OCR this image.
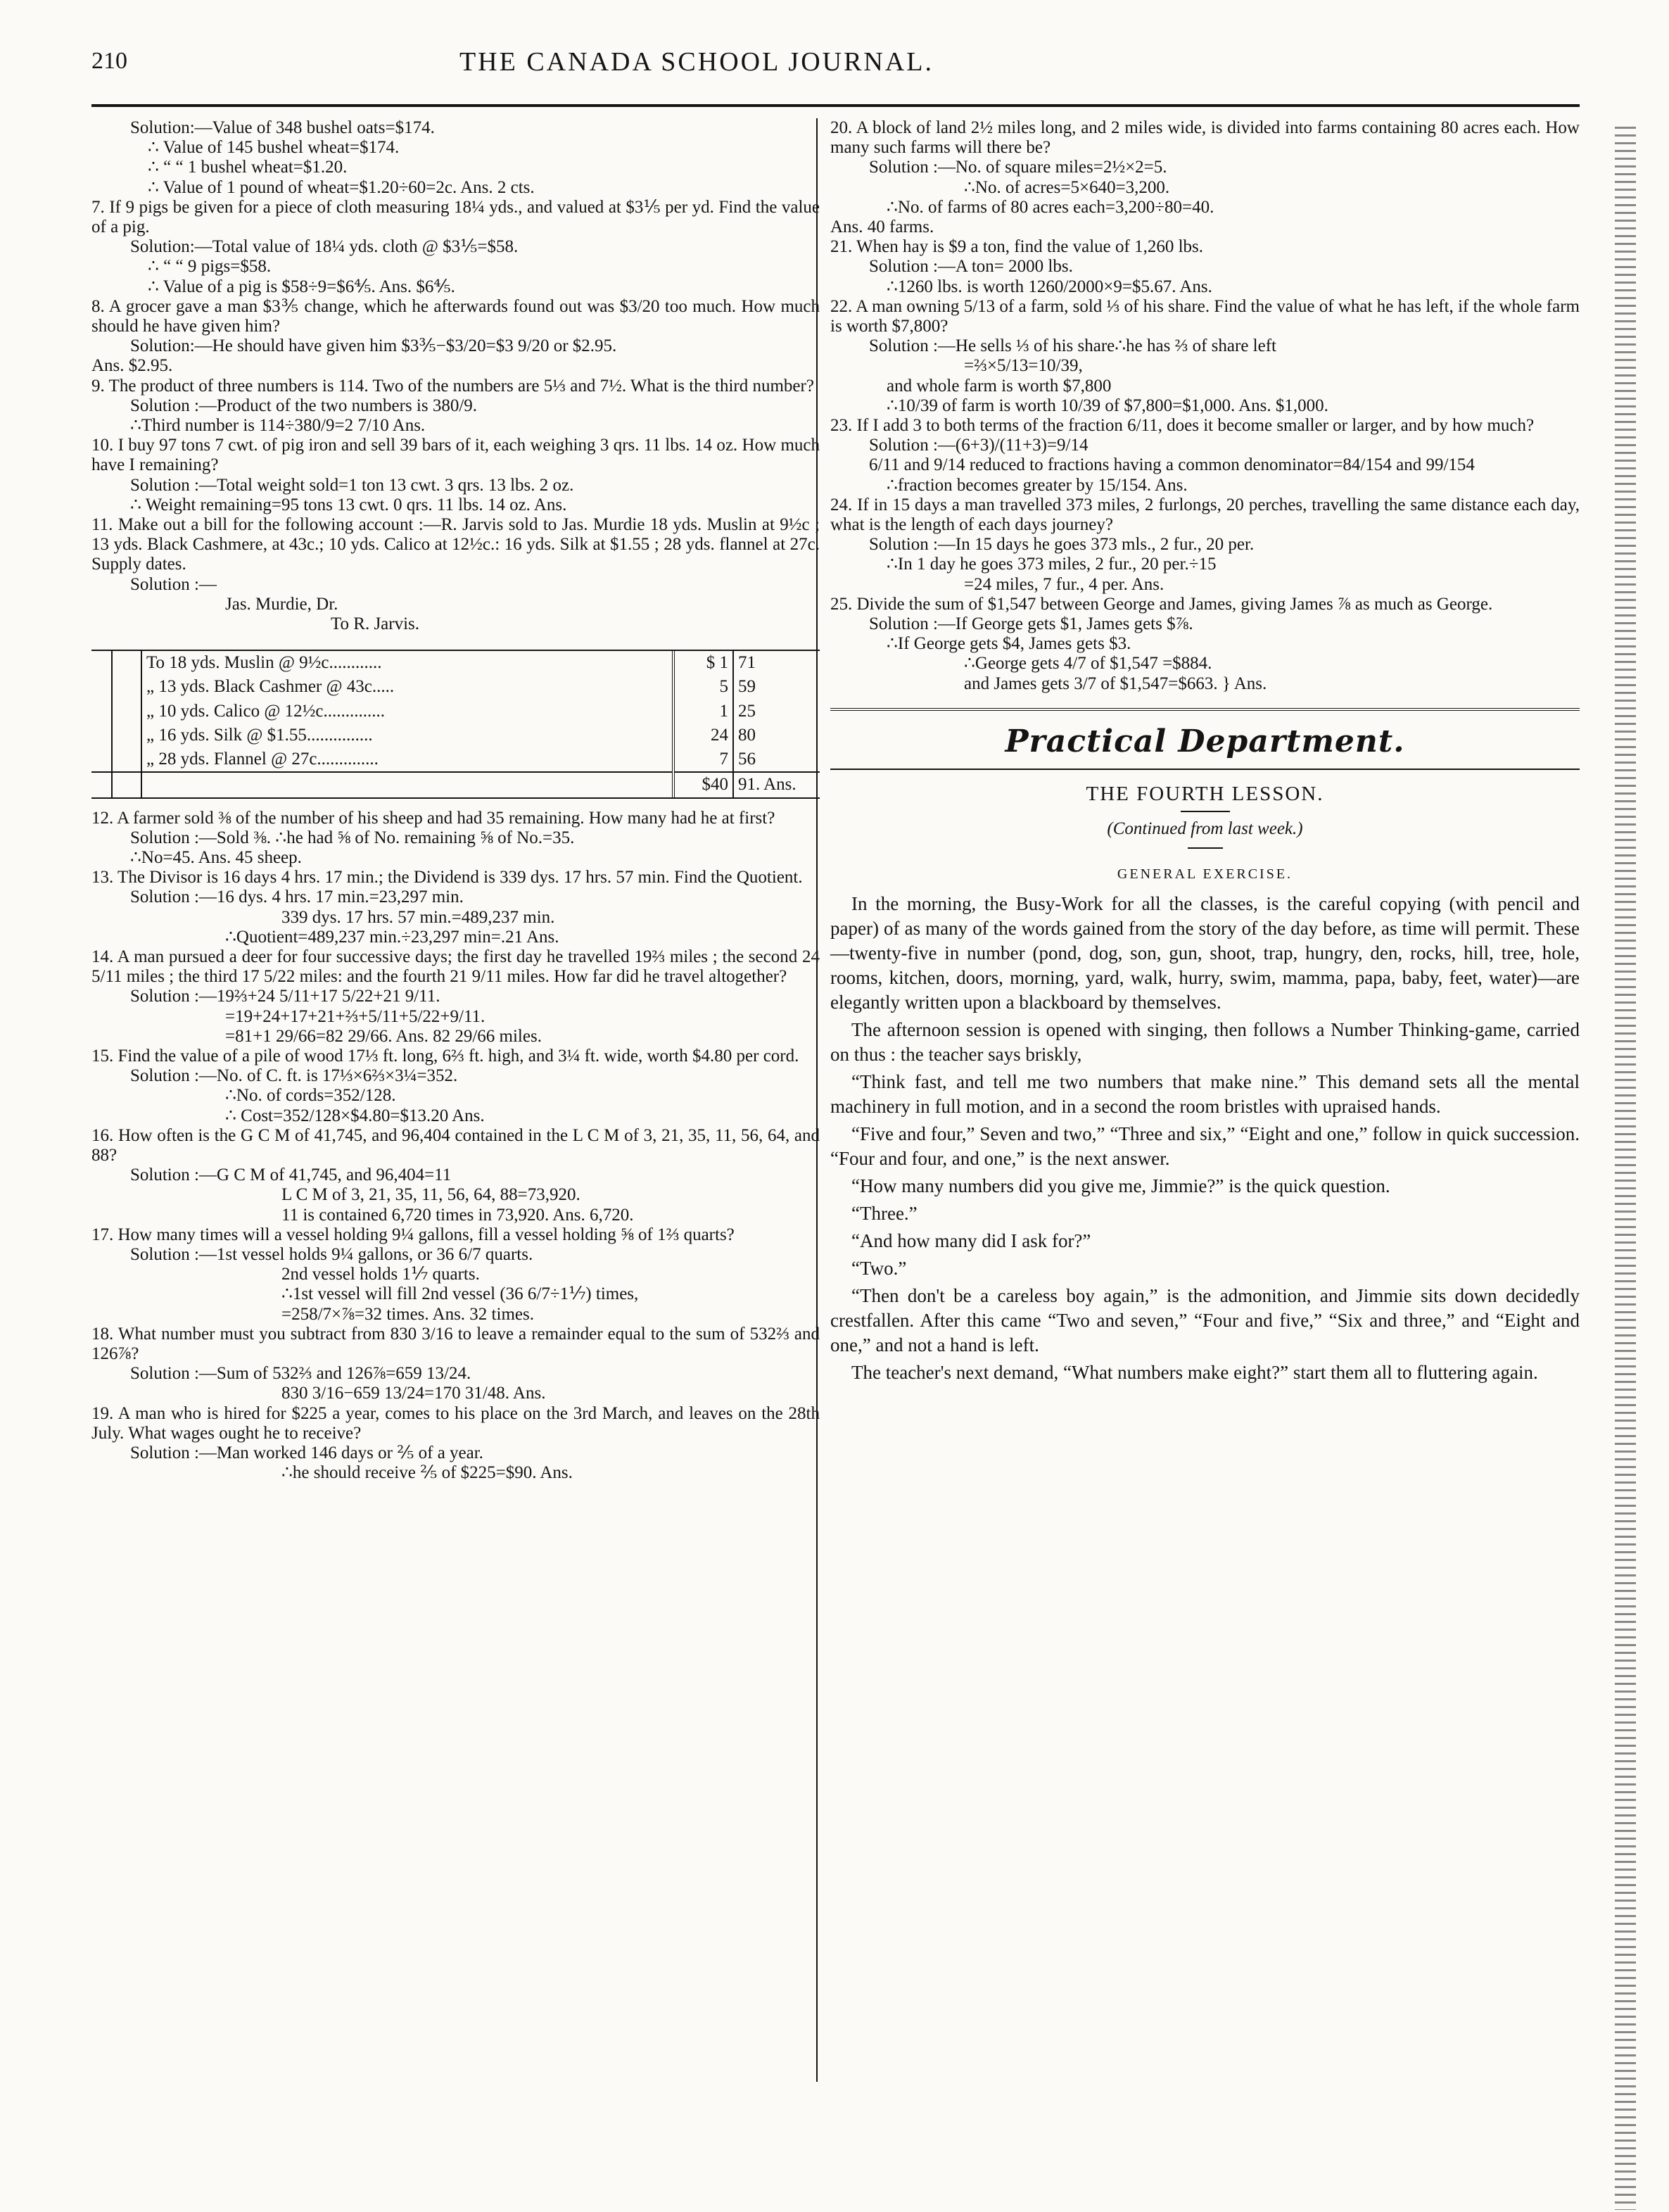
210	THE CANADA SCHOOL JOURNAL.

Solution:—Value of 348 bushel oats=$174.

∴ Value of 145 bushel wheat=$174.

∴ “ “ 1 bushel wheat=$1.20.

∴ Value of 1 pound of wheat=$1.20÷60=2c. Ans. 2 cts.

7. If 9 pigs be given for a piece of cloth measuring 18¼ yds., and valued at $3⅕ per yd. Find the value of a pig.

Solution:—Total value of 18¼ yds. cloth @ $3⅕=$58.

∴ “ “ 9 pigs=$58.

∴ Value of a pig is $58÷9=$6⅘. Ans. $6⅘.

8. A grocer gave a man $3⅗ change, which he afterwards found out was $3/20 too much. How much should he have given him?

Solution:—He should have given him $3⅗−$3/20=$3 9/20 or $2.95.

Ans. $2.95.

9. The product of three numbers is 114. Two of the numbers are 5⅓ and 7½. What is the third number?

Solution :—Product of the two numbers is 380/9.

∴Third number is 114÷380/9=2 7/10 Ans.

10. I buy 97 tons 7 cwt. of pig iron and sell 39 bars of it, each weighing 3 qrs. 11 lbs. 14 oz. How much have I remaining?

Solution :—Total weight sold=1 ton 13 cwt. 3 qrs. 13 lbs. 2 oz.

∴ Weight remaining=95 tons 13 cwt. 0 qrs. 11 lbs. 14 oz. Ans.

11. Make out a bill for the following account :—R. Jarvis sold to Jas. Murdie 18 yds. Muslin at 9½c ; 13 yds. Black Cashmere, at 43c.; 10 yds. Calico at 12½c.: 16 yds. Silk at $1.55 ; 28 yds. flannel at 27c. Supply dates.

Solution :—

Jas. Murdie, Dr.

To R. Jarvis.

		To 18 yds. Muslin @ 9½c............	$ 1	71
		„ 13 yds. Black Cashmer @ 43c.....	5	59
		„ 10 yds. Calico @ 12½c..............	1	25
		„ 16 yds. Silk @ $1.55...............	24	80
		„ 28 yds. Flannel @ 27c..............	7	56
			$40	91. Ans.

12. A farmer sold ⅜ of the number of his sheep and had 35 remaining. How many had he at first?

Solution :—Sold ⅜. ∴he had ⅝ of No. remaining ⅝ of No.=35.

∴No=45. Ans. 45 sheep.

13. The Divisor is 16 days 4 hrs. 17 min.; the Dividend is 339 dys. 17 hrs. 57 min. Find the Quotient.

Solution :—16 dys. 4 hrs. 17 min.=23,297 min.

339 dys. 17 hrs. 57 min.=489,237 min.

∴Quotient=489,237 min.÷23,297 min=.21 Ans.

14. A man pursued a deer for four successive days; the first day he travelled 19⅔ miles ; the second 24 5/11 miles ; the third 17 5/22 miles: and the fourth 21 9/11 miles. How far did he travel altogether?

Solution :—19⅔+24 5/11+17 5/22+21 9/11.

=19+24+17+21+⅔+5/11+5/22+9/11.

=81+1 29/66=82 29/66. Ans. 82 29/66 miles.

15. Find the value of a pile of wood 17⅓ ft. long, 6⅔ ft. high, and 3¼ ft. wide, worth $4.80 per cord.

Solution :—No. of C. ft. is 17⅓×6⅔×3¼=352.

∴No. of cords=352/128.

∴ Cost=352/128×$4.80=$13.20 Ans.

16. How often is the G C M of 41,745, and 96,404 contained in the L C M of 3, 21, 35, 11, 56, 64, and 88?

Solution :—G C M of 41,745, and 96,404=11

L C M of 3, 21, 35, 11, 56, 64, 88=73,920.

11 is contained 6,720 times in 73,920. Ans. 6,720.

17. How many times will a vessel holding 9¼ gallons, fill a vessel holding ⅝ of 1⅔ quarts?

Solution :—1st vessel holds 9¼ gallons, or 36 6/7 quarts.

2nd vessel holds 1⅐ quarts.

∴1st vessel will fill 2nd vessel (36 6/7÷1⅐) times,

=258/7×⅞=32 times. Ans. 32 times.

18. What number must you subtract from 830 3/16 to leave a remainder equal to the sum of 532⅔ and 126⅞?

Solution :—Sum of 532⅔ and 126⅞=659 13/24.

830 3/16−659 13/24=170 31/48. Ans.

19. A man who is hired for $225 a year, comes to his place on the 3rd March, and leaves on the 28th July. What wages ought he to receive?

Solution :—Man worked 146 days or ⅖ of a year.

∴he should receive ⅖ of $225=$90. Ans.

20. A block of land 2½ miles long, and 2 miles wide, is divided into farms containing 80 acres each. How many such farms will there be?

Solution :—No. of square miles=2½×2=5.

∴No. of acres=5×640=3,200.

∴No. of farms of 80 acres each=3,200÷80=40.

Ans. 40 farms.

21. When hay is $9 a ton, find the value of 1,260 lbs.

Solution :—A ton= 2000 lbs.

∴1260 lbs. is worth 1260/2000×9=$5.67. Ans.

22. A man owning 5/13 of a farm, sold ⅓ of his share. Find the value of what he has left, if the whole farm is worth $7,800?

Solution :—He sells ⅓ of his share∴he has ⅔ of share left

=⅔×5/13=10/39,

and whole farm is worth $7,800

∴10/39 of farm is worth 10/39 of $7,800=$1,000. Ans. $1,000.

23. If I add 3 to both terms of the fraction 6/11, does it become smaller or larger, and by how much?

Solution :—(6+3)/(11+3)=9/14

6/11 and 9/14 reduced to fractions having a common denominator=84/154 and 99/154

∴fraction becomes greater by 15/154. Ans.

24. If in 15 days a man travelled 373 miles, 2 furlongs, 20 perches, travelling the same distance each day, what is the length of each days journey?

Solution :—In 15 days he goes 373 mls., 2 fur., 20 per.

∴In 1 day he goes 373 miles, 2 fur., 20 per.÷15

=24 miles, 7 fur., 4 per. Ans.

25. Divide the sum of $1,547 between George and James, giving James ⅞ as much as George.

Solution :—If George gets $1, James gets $⅞.

∴If George gets $4, James gets $3.

∴George gets 4/7 of $1,547 =$884.

and James gets 3/7 of $1,547=$663. } Ans.

Practical Department.
THE FOURTH LESSON.
(Continued from last week.)
GENERAL EXERCISE.

In the morning, the Busy-Work for all the classes, is the careful copying (with pencil and paper) of as many of the words gained from the story of the day before, as time will permit. These —twenty-five in number (pond, dog, son, gun, shoot, trap, hungry, den, rocks, hill, tree, hole, rooms, kitchen, doors, morning, yard, walk, hurry, swim, mamma, papa, baby, feet, water)—are elegantly written upon a blackboard by themselves.

The afternoon session is opened with singing, then follows a Number Thinking-game, carried on thus : the teacher says briskly,

“Think fast, and tell me two numbers that make nine.” This demand sets all the mental machinery in full motion, and in a second the room bristles with upraised hands.

“Five and four,” Seven and two,” “Three and six,” “Eight and one,” follow in quick succession. “Four and four, and one,” is the next answer.

“How many numbers did you give me, Jimmie?” is the quick question.

“Three.”

“And how many did I ask for?”

“Two.”

“Then don't be a careless boy again,” is the admonition, and Jimmie sits down decidedly crestfallen. After this came “Two and seven,” “Four and five,” “Six and three,” and “Eight and one,” and not a hand is left.

The teacher's next demand, “What numbers make eight?” start them all to fluttering again.
